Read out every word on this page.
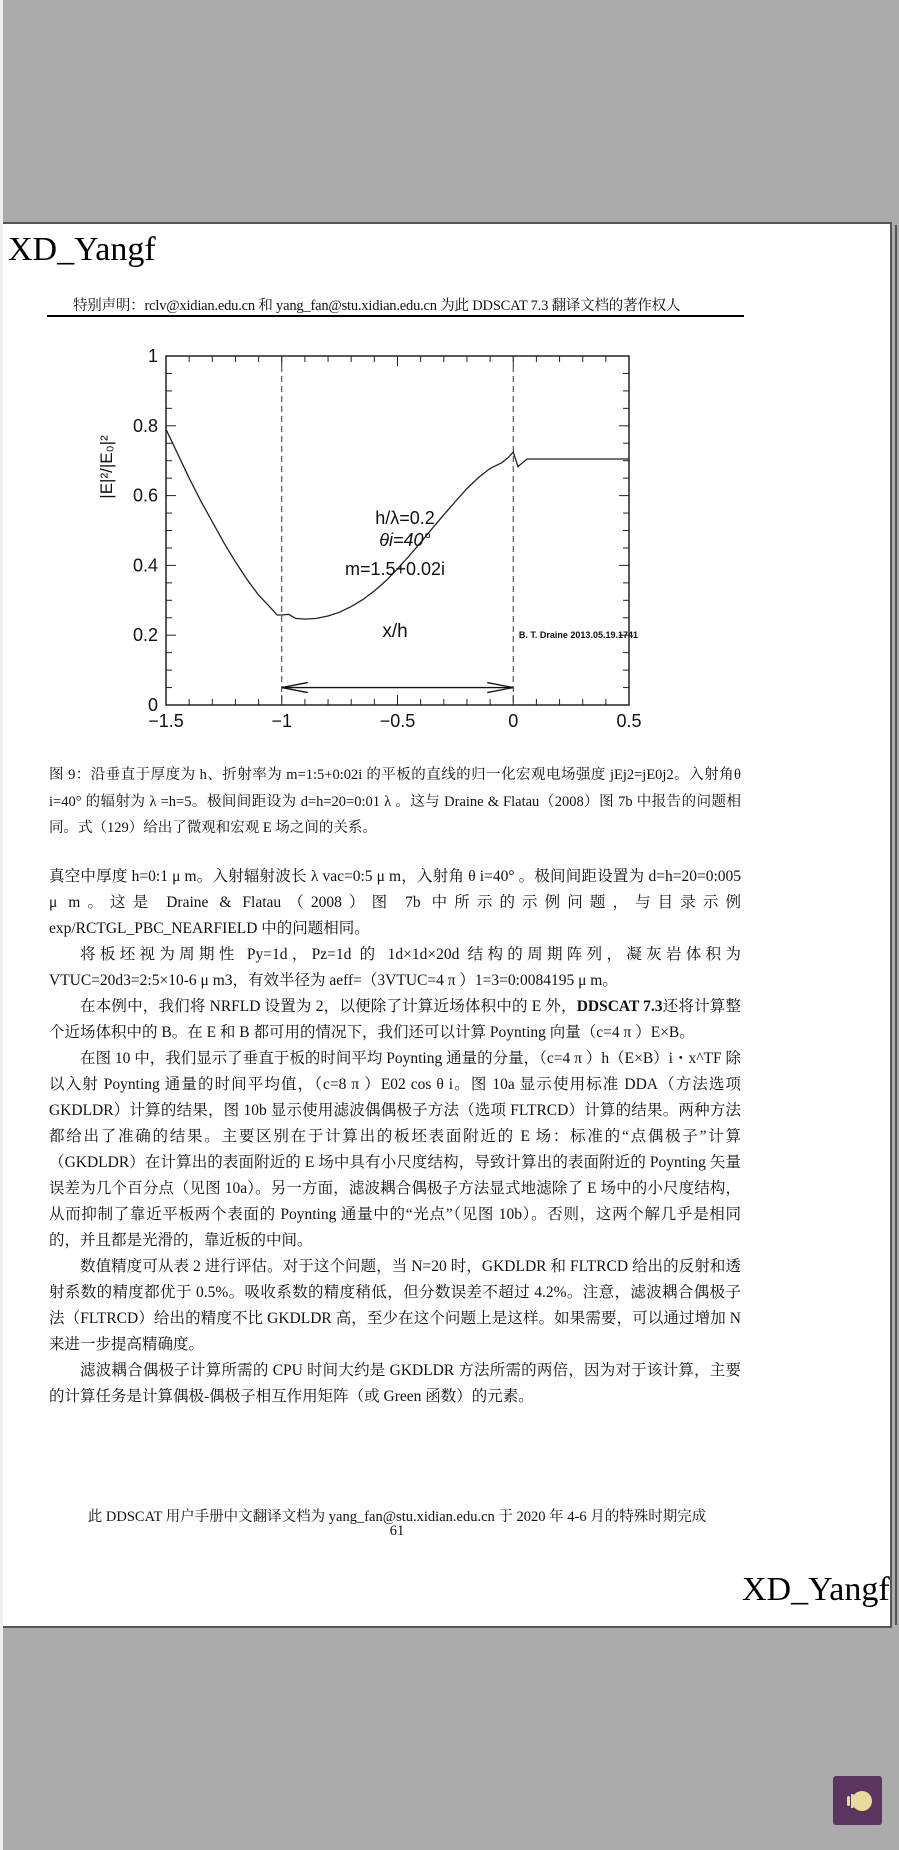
特别声明：rclv@xidian.edu.cn 和 yang_fan@stu.xidian.edu.cn 为此 DDSCAT 7.3 翻译文档的著作权人
−1.5	−1	−0.5	0	0.5
0
0.2
0.4
0.6
0.8
1
h/λ=0.2
θi=40°
m=1.5+0.02i
x/h
|E|²/|E₀|²
B. T. Draine 2013.05.19.1741
图 9：沿垂直于厚度为 h、折射率为 m=1:5+0:02i 的平板的直线的归一化宏观电场强度 jEj2=jE0j2。入射角θ i=40° 的辐射为 λ =h=5。极间间距设为 d=h=20=0:01 λ 。这与 Draine & Flatau（2008）图 7b 中报告的问题相同。式（129）给出了微观和宏观 E 场之间的关系。

真空中厚度 h=0:1 μ m。入射辐射波长 λ vac=0:5 μ m，入射角 θ i=40° 。极间间距设置为 d=h=20=0:005 μ m。这是 Draine & Flatau（2008）图 7b 中所示的示例问题，与目录示例 exp/RCTGL_PBC_NEARFIELD 中的问题相同。

将板坯视为周期性 Py=1d，Pz=1d 的 1d×1d×20d 结构的周期阵列，凝灰岩体积为 VTUC=20d3=2:5×10-6 μ m3，有效半径为 aeff=（3VTUC=4 π ）1=3=0:0084195 μ m。

在本例中，我们将 NRFLD 设置为 2，以便除了计算近场体积中的 E 外，DDSCAT 7.3还将计算整个近场体积中的 B。在 E 和 B 都可用的情况下，我们还可以计算 Poynting 向量（c=4 π ）E×B。

在图 10 中，我们显示了垂直于板的时间平均 Poynting 通量的分量，（c=4 π ）h（E×B）i・x^TF 除以入射 Poynting 通量的时间平均值，（c=8 π ）E02 cos θ i。图 10a 显示使用标准 DDA（方法选项 GKDLDR）计算的结果，图 10b 显示使用滤波偶偶极子方法（选项 FLTRCD）计算的结果。两种方法都给出了准确的结果。主要区别在于计算出的板坯表面附近的 E 场：标准的“点偶极子”计算（GKDLDR）在计算出的表面附近的 E 场中具有小尺度结构，导致计算出的表面附近的 Poynting 矢量误差为几个百分点（见图 10a）。另一方面，滤波耦合偶极子方法显式地滤除了 E 场中的小尺度结构，从而抑制了靠近平板两个表面的 Poynting 通量中的“光点”（见图 10b）。否则，这两个解几乎是相同的，并且都是光滑的，靠近板的中间。

数值精度可从表 2 进行评估。对于这个问题，当 N=20 时，GKDLDR 和 FLTRCD 给出的反射和透射系数的精度都优于 0.5%。吸收系数的精度稍低，但分数误差不超过 4.2%。注意，滤波耦合偶极子法（FLTRCD）给出的精度不比 GKDLDR 高，至少在这个问题上是这样。如果需要，可以通过增加 N 来进一步提高精确度。

滤波耦合偶极子计算所需的 CPU 时间大约是 GKDLDR 方法所需的两倍，因为对于该计算，主要的计算任务是计算偶极-偶极子相互作用矩阵（或 Green 函数）的元素。

XD_Yangf
XD_Yangf
此 DDSCAT 用户手册中文翻译文档为 yang_fan@stu.xidian.edu.cn 于 2020 年 4-6 月的特殊时期完成
61
